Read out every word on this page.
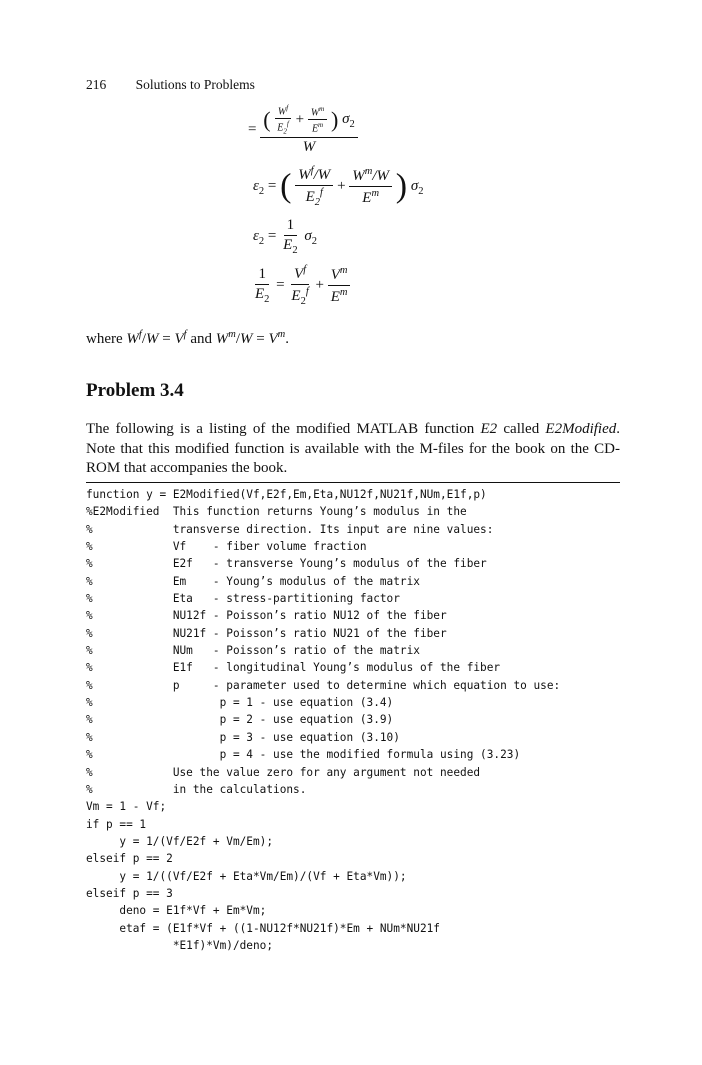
216 Solutions to Problems
= ( $\frac{W^f}{E_2^f} + \frac{W^m}{E^m}$ ) $\sigma_2$
W
$\varepsilon_2$ = ( $\frac{W^f/W}{E_2^f} + \frac{W^m/W}{E^m}$ ) $\sigma_2$
$\varepsilon_2 = \frac{1}{E_2} \sigma_2$
$\frac{1}{E_2} = \frac{V^f}{E_2^f} + \frac{V^m}{E^m}$
where $W^f/W = V^f$ and $W^m/W = V^m$.
Problem 3.4
The following is a listing of the modified MATLAB function E2 called E2Modified. Note that this modified function is available with the M-files for the book on the CD-ROM that accompanies the book.
function y = E2Modified(Vf,E2f,Em,Eta,NU12f,NU21f,NUm,E1f,p)
%E2Modified  This function returns Young’s modulus in the
%            transverse direction. Its input are nine values:
%            Vf    - fiber volume fraction
%            E2f   - transverse Young’s modulus of the fiber
%            Em    - Young’s modulus of the matrix
%            Eta   - stress-partitioning factor
%            NU12f - Poisson’s ratio NU12 of the fiber
%            NU21f - Poisson’s ratio NU21 of the fiber
%            NUm   - Poisson’s ratio of the matrix
%            E1f   - longitudinal Young’s modulus of the fiber
%            p     - parameter used to determine which equation to use:
%                   p = 1 - use equation (3.4)
%                   p = 2 - use equation (3.9)
%                   p = 3 - use equation (3.10)
%                   p = 4 - use the modified formula using (3.23)
%            Use the value zero for any argument not needed
%            in the calculations.
Vm = 1 - Vf;
if p == 1
y = 1/(Vf/E2f + Vm/Em);
elseif p == 2
y = 1/((Vf/E2f + Eta*Vm/Em)/(Vf + Eta*Vm));
elseif p == 3
deno = E1f*Vf + Em*Vm;
etaf = (E1f*Vf + ((1-NU12f*NU21f)*Em + NUm*NU21f
*E1f)*Vm)/deno;
